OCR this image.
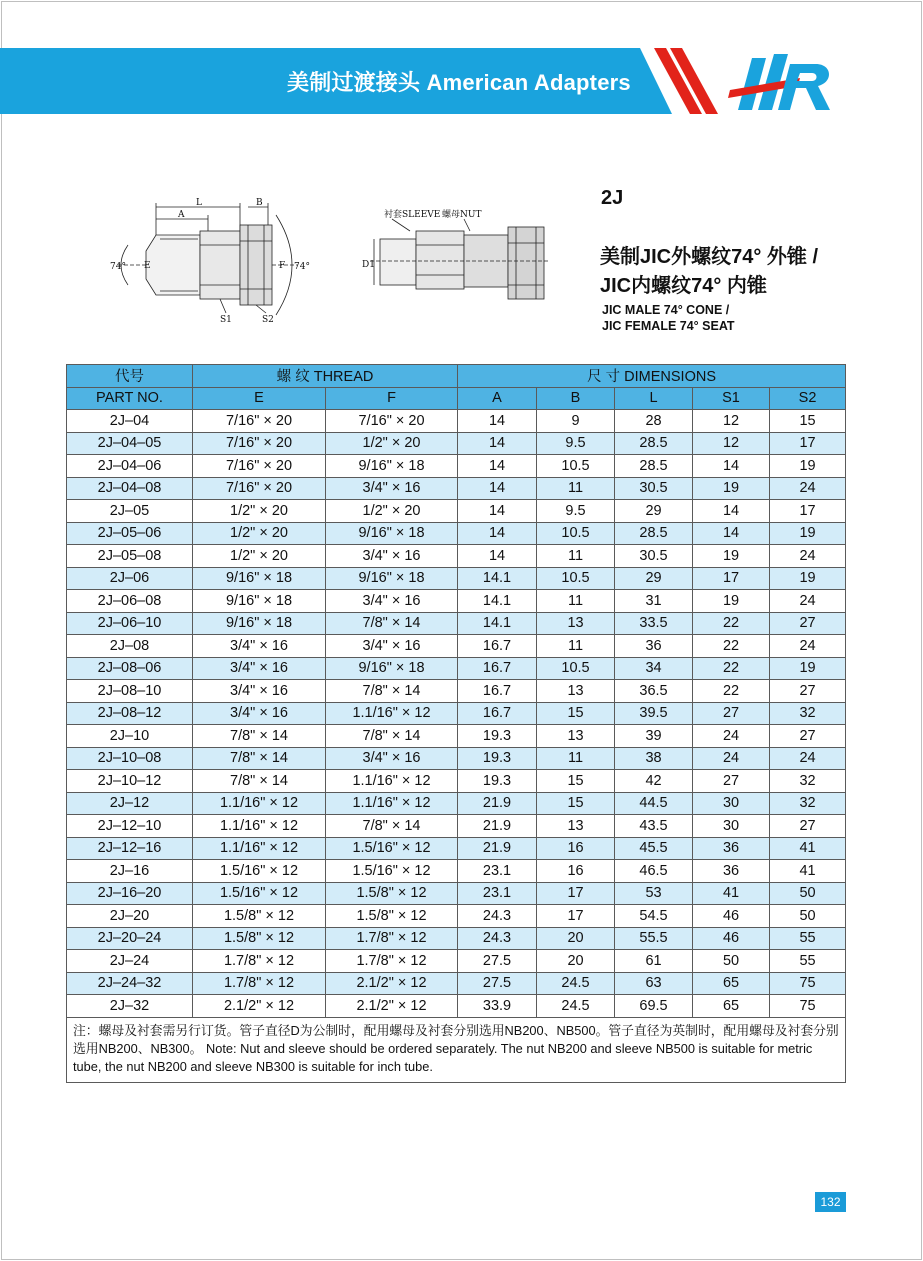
美制过渡接头 American Adapters
L
A
B
E	F
74°	74°
S1	S2
衬套SLEEVE 螺母NUT
D1
2J
美制JIC外螺纹74° 外锥 /
JIC内螺纹74° 内锥
JIC MALE 74° CONE /
JIC FEMALE 74° SEAT
代号	螺 纹 THREAD		尺 寸 DIMENSIONS				
PART NO.	E	F	A	B	L	S1	S2
2J–04	7/16" × 20	7/16" × 20	14	9	28	12	15
2J–04–05	7/16" × 20	1/2" × 20	14	9.5	28.5	12	17
2J–04–06	7/16" × 20	9/16" × 18	14	10.5	28.5	14	19
2J–04–08	7/16" × 20	3/4" × 16	14	11	30.5	19	24
2J–05	1/2" × 20	1/2" × 20	14	9.5	29	14	17
2J–05–06	1/2" × 20	9/16" × 18	14	10.5	28.5	14	19
2J–05–08	1/2" × 20	3/4" × 16	14	11	30.5	19	24
2J–06	9/16" × 18	9/16" × 18	14.1	10.5	29	17	19
2J–06–08	9/16" × 18	3/4" × 16	14.1	11	31	19	24
2J–06–10	9/16" × 18	7/8" × 14	14.1	13	33.5	22	27
2J–08	3/4" × 16	3/4" × 16	16.7	11	36	22	24
2J–08–06	3/4" × 16	9/16" × 18	16.7	10.5	34	22	19
2J–08–10	3/4" × 16	7/8" × 14	16.7	13	36.5	22	27
2J–08–12	3/4" × 16	1.1/16" × 12	16.7	15	39.5	27	32
2J–10	7/8" × 14	7/8" × 14	19.3	13	39	24	27
2J–10–08	7/8" × 14	3/4" × 16	19.3	11	38	24	24
2J–10–12	7/8" × 14	1.1/16" × 12	19.3	15	42	27	32
2J–12	1.1/16" × 12	1.1/16" × 12	21.9	15	44.5	30	32
2J–12–10	1.1/16" × 12	7/8" × 14	21.9	13	43.5	30	27
2J–12–16	1.1/16" × 12	1.5/16" × 12	21.9	16	45.5	36	41
2J–16	1.5/16" × 12	1.5/16" × 12	23.1	16	46.5	36	41
2J–16–20	1.5/16" × 12	1.5/8" × 12	23.1	17	53	41	50
2J–20	1.5/8" × 12	1.5/8" × 12	24.3	17	54.5	46	50
2J–20–24	1.5/8" × 12	1.7/8" × 12	24.3	20	55.5	46	55
2J–24	1.7/8" × 12	1.7/8" × 12	27.5	20	61	50	55
2J–24–32	1.7/8" × 12	2.1/2" × 12	27.5	24.5	63	65	75
2J–32	2.1/2" × 12	2.1/2" × 12	33.9	24.5	69.5	65	75
注：螺母及衬套需另行订货。管子直径D为公制时，配用螺母及衬套分别选用NB200、NB500。管子直径为英制时，配用螺母及衬套分别选用NB200、NB300。 Note: Nut and sleeve should be ordered separately. The nut NB200 and sleeve NB500 is suitable for metric tube, the nut NB200 and sleeve NB300 is suitable for inch tube.							
132
